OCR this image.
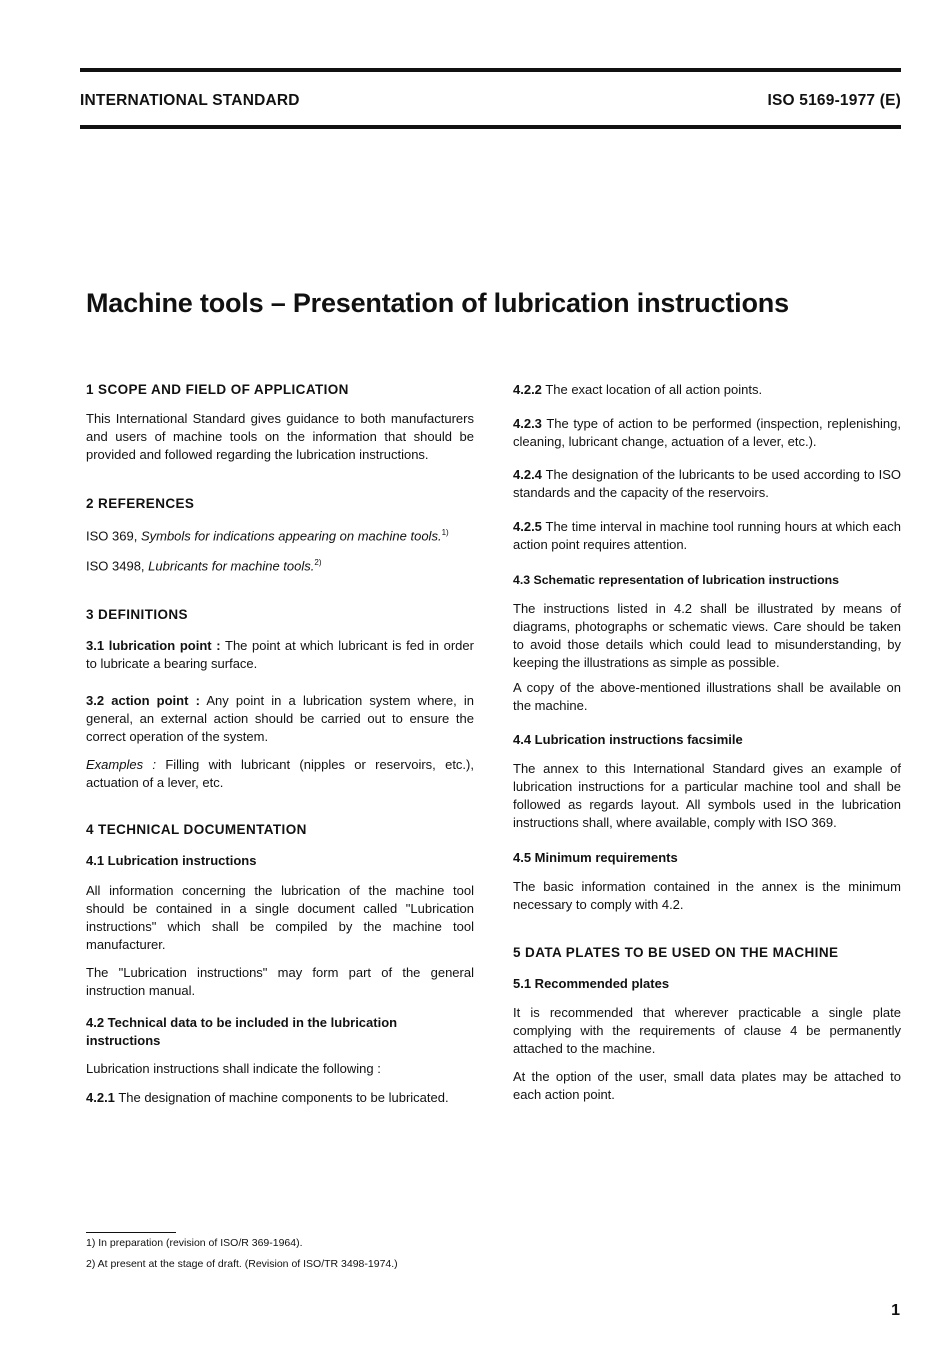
INTERNATIONAL STANDARD	ISO 5169-1977 (E)
Machine tools – Presentation of lubrication instructions
1 SCOPE AND FIELD OF APPLICATION

This International Standard gives guidance to both manufacturers and users of machine tools on the information that should be provided and followed regarding the lubrication instructions.

2 REFERENCES

ISO 369, Symbols for indications appearing on machine tools.$^{1)}$

ISO 3498, Lubricants for machine tools.$^{2)}$

3 DEFINITIONS

3.1 lubrication point : The point at which lubricant is fed in order to lubricate a bearing surface.

3.2 action point : Any point in a lubrication system where, in general, an external action should be carried out to ensure the correct operation of the system.

Examples : Filling with lubricant (nipples or reservoirs, etc.), actuation of a lever, etc.

4 TECHNICAL DOCUMENTATION
4.1 Lubrication instructions

All information concerning the lubrication of the machine tool should be contained in a single document called "Lubrication instructions" which shall be compiled by the machine tool manufacturer.

The "Lubrication instructions" may form part of the general instruction manual.

4.2 Technical data to be included in the lubrication instructions

Lubrication instructions shall indicate the following :

4.2.1 The designation of machine components to be lubricated.

4.2.2 The exact location of all action points.

4.2.3 The type of action to be performed (inspection, replenishing, cleaning, lubricant change, actuation of a lever, etc.).

4.2.4 The designation of the lubricants to be used according to ISO standards and the capacity of the reservoirs.

4.2.5 The time interval in machine tool running hours at which each action point requires attention.

4.3 Schematic representation of lubrication instructions

The instructions listed in 4.2 shall be illustrated by means of diagrams, photographs or schematic views. Care should be taken to avoid those details which could lead to misunderstanding, by keeping the illustrations as simple as possible.

A copy of the above-mentioned illustrations shall be available on the machine.

4.4 Lubrication instructions facsimile

The annex to this International Standard gives an example of lubrication instructions for a particular machine tool and shall be followed as regards layout. All symbols used in the lubrication instructions shall, where available, comply with ISO 369.

4.5 Minimum requirements

The basic information contained in the annex is the minimum necessary to comply with 4.2.

5 DATA PLATES TO BE USED ON THE MACHINE
5.1 Recommended plates

It is recommended that wherever practicable a single plate complying with the requirements of clause 4 be permanently attached to the machine.

At the option of the user, small data plates may be attached to each action point.

1) In preparation (revision of ISO/R 369-1964).
2) At present at the stage of draft. (Revision of ISO/TR 3498-1974.)
1
